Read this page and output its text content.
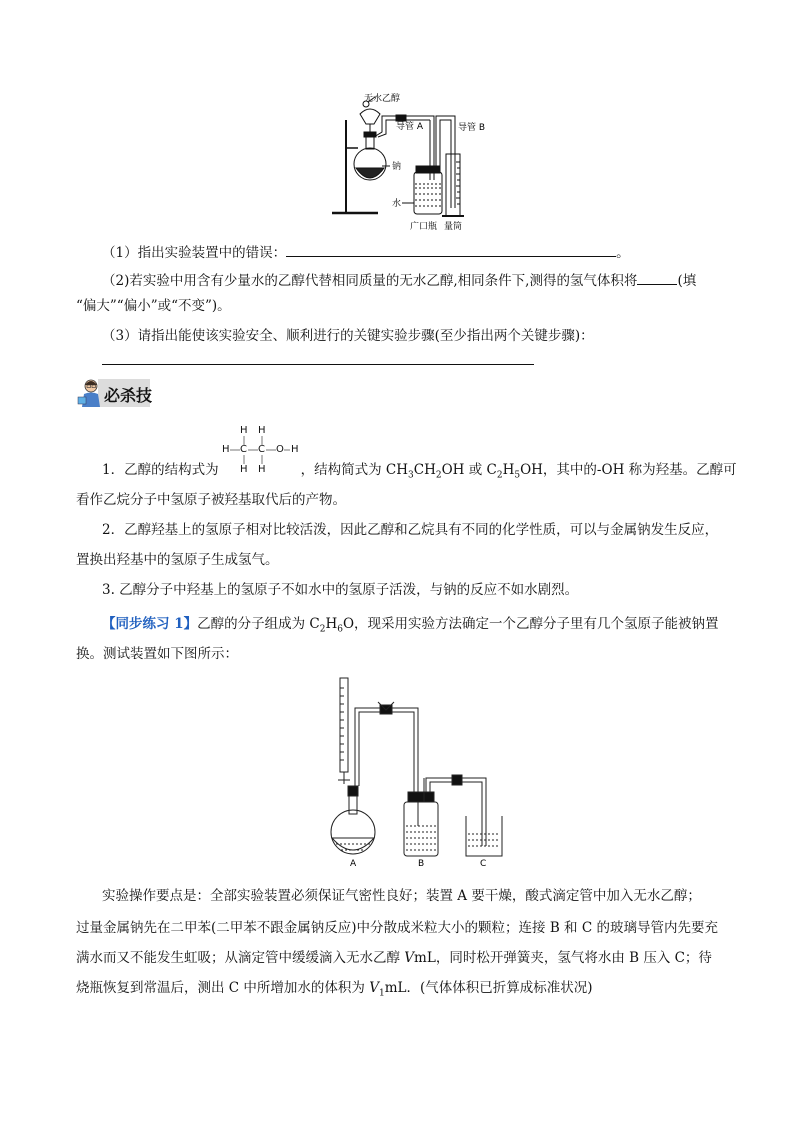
无水乙醇
导管 A	导管 B
钠
水
广口瓶 量筒
（1）指出实验装置中的错误：	。
（2)若实验中用含有少量水的乙醇代替相同质量的无水乙醇,相同条件下,测得的氢气体积将	(填
“偏大”“偏小”或“不变”)。
（3）请指出能使该实验安全、顺利进行的关键实验步骤(至少指出两个关键步骤)：
必杀技
H H
H C C O H
H H
1．乙醇的结构式为	，结构简式为 $CH_3CH_2OH$ 或 $C_2H_5OH$，其中的-OH 称为羟基。乙醇可
看作乙烷分子中氢原子被羟基取代后的产物。
2．乙醇羟基上的氢原子相对比较活泼，因此乙醇和乙烷具有不同的化学性质，可以与金属钠发生反应，
置换出羟基中的氢原子生成氢气。
3. 乙醇分子中羟基上的氢原子不如水中的氢原子活泼，与钠的反应不如水剧烈。
【同步练习 1】乙醇的分子组成为 $C_2H_6O$，现采用实验方法确定一个乙醇分子里有几个氢原子能被钠置
换。测试装置如下图所示：
A	B	C
实验操作要点是：全部实验装置必须保证气密性良好；装置 A 要干燥，酸式滴定管中加入无水乙醇；
过量金属钠先在二甲苯(二甲苯不跟金属钠反应)中分散成米粒大小的颗粒；连接 B 和 C 的玻璃导管内先要充
满水而又不能发生虹吸；从滴定管中缓缓滴入无水乙醇 VmL，同时松开弹簧夹，氢气将水由 B 压入 C；待
烧瓶恢复到常温后，测出 C 中所增加水的体积为 $V_1mL$．(气体体积已折算成标准状况)
